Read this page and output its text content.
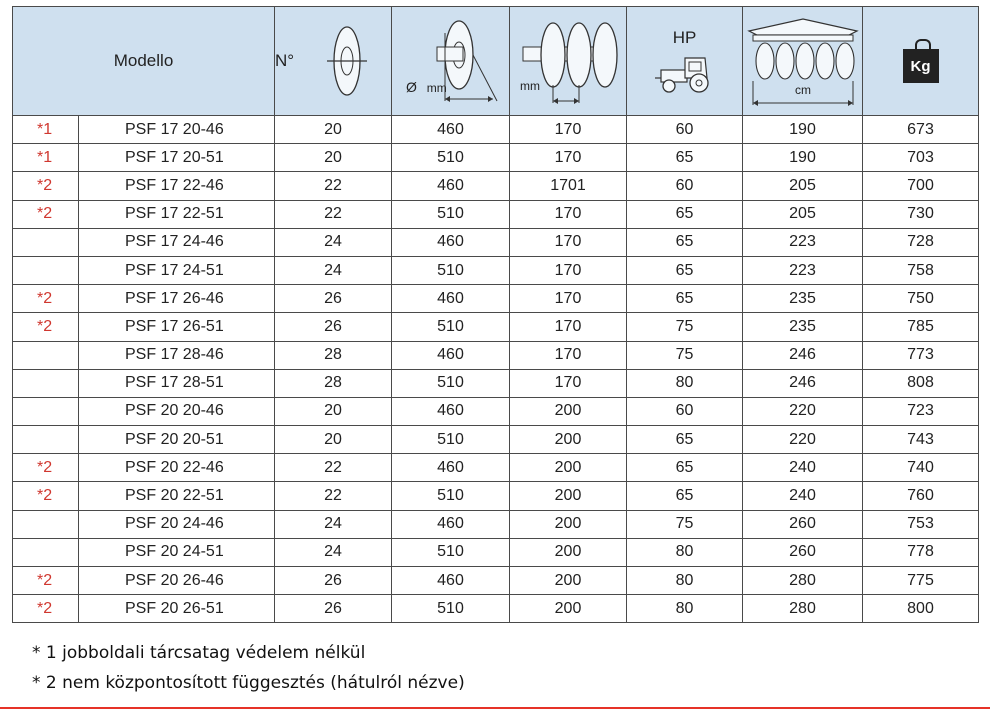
Modello		N°	Ø mm	mm	HP	cm	Kg

*1	PSF 17 20-46	20	460	170	60	190	673
*1	PSF 17 20-51	20	510	170	65	190	703
*2	PSF 17 22-46	22	460	1701	60	205	700
*2	PSF 17 22-51	22	510	170	65	205	730
	PSF 17 24-46	24	460	170	65	223	728
	PSF 17 24-51	24	510	170	65	223	758
*2	PSF 17 26-46	26	460	170	65	235	750
*2	PSF 17 26-51	26	510	170	75	235	785
	PSF 17 28-46	28	460	170	75	246	773
	PSF 17 28-51	28	510	170	80	246	808
	PSF 20 20-46	20	460	200	60	220	723
	PSF 20 20-51	20	510	200	65	220	743
*2	PSF 20 22-46	22	460	200	65	240	740
*2	PSF 20 22-51	22	510	200	65	240	760
	PSF 20 24-46	24	460	200	75	260	753
	PSF 20 24-51	24	510	200	80	260	778
*2	PSF 20 26-46	26	460	200	80	280	775
*2	PSF 20 26-51	26	510	200	80	280	800
* 1 jobboldali tárcsatag védelem nélkül
* 2 nem központosított függesztés (hátulról nézve)
